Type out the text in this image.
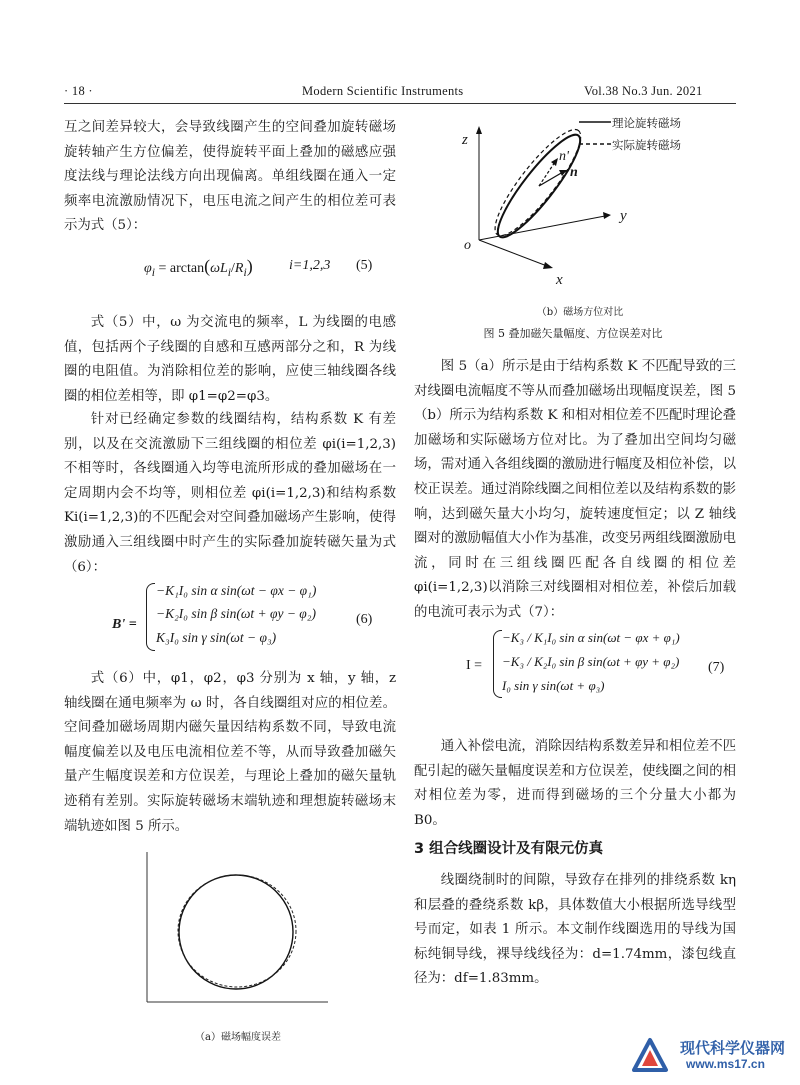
· 18 ·	Modern Scientific Instruments	Vol.38 No.3 Jun. 2021

互之间差异较大，会导致线圈产生的空间叠加旋转磁场旋转轴产生方位偏差，使得旋转平面上叠加的磁感应强度法线与理论法线方向出现偏离。单组线圈在通入一定频率电流激励情况下，电压电流之间产生的相位差可表示为式（5）：

$\varphi_i = \arctan(\omega L_i/R_i)$	i=1,2,3 (5)

式（5）中，ω 为交流电的频率，L 为线圈的电感值，包括两个子线圈的自感和互感两部分之和，R 为线圈的电阻值。为消除相位差的影响，应使三轴线圈各线圈的相位差相等，即 φ1=φ2=φ3。

针对已经确定参数的线圈结构，结构系数 K 有差别，以及在交流激励下三组线圈的相位差 φi(i=1,2,3) 不相等时，各线圈通入均等电流所形成的叠加磁场在一定周期内会不均等，则相位差 φi(i=1,2,3)和结构系数 Ki(i=1,2,3)的不匹配会对空间叠加磁场产生影响，使得激励通入三组线圈中时产生的实际叠加旋转磁矢量为式（6）：

B' =
−K₁I₀ sin α sin(ωt − φx − φ₁)
−K₂I₀ sin β sin(ωt + φy − φ₂)
K₃I₀ sin γ sin(ωt − φ₃)
(6)

式（6）中，φ1，φ2，φ3 分别为 x 轴，y 轴，z 轴线圈在通电频率为 ω 时，各自线圈组对应的相位差。空间叠加磁场周期内磁矢量因结构系数不同，导致电流幅度偏差以及电压电流相位差不等，从而导致叠加磁矢量产生幅度误差和方位误差，与理论上叠加的磁矢量轨迹稍有差别。实际旋转磁场末端轨迹和理想旋转磁场末端轨迹如图 5 所示。

（a）磁场幅度误差
理论旋转磁场
实际旋转磁场
z
y
x
o
n
n'
（b）磁场方位对比
图 5 叠加磁矢量幅度、方位误差对比

图 5（a）所示是由于结构系数 K 不匹配导致的三对线圈电流幅度不等从而叠加磁场出现幅度误差，图 5（b）所示为结构系数 K 和相对相位差不匹配时理论叠加磁场和实际磁场方位对比。为了叠加出空间均匀磁场，需对通入各组线圈的激励进行幅度及相位补偿，以校正误差。通过消除线圈之间相位差以及结构系数的影响，达到磁矢量大小均匀，旋转速度恒定；以 Z 轴线圈对的激励幅值大小作为基准，改变另两组线圈激励电流，同时在三组线圈匹配各自线圈的相位差 φi(i=1,2,3)以消除三对线圈相对相位差，补偿后加载的电流可表示为式（7）：

I =
−K₃ / K₁I₀ sin α sin(ωt − φx + φ₁)
−K₃ / K₂I₀ sin β sin(ωt + φy + φ₂)
I₀ sin γ sin(ωt + φ₃)
(7)

通入补偿电流，消除因结构系数差异和相位差不匹配引起的磁矢量幅度误差和方位误差，使线圈之间的相对相位差为零，进而得到磁场的三个分量大小都为 B0。

3 组合线圈设计及有限元仿真

线圈绕制时的间隙，导致存在排列的排绕系数 kη 和层叠的叠绕系数 kβ，具体数值大小根据所选导线型号而定，如表 1 所示。本文制作线圈选用的导线为国标纯铜导线，裸导线线径为：d=1.74mm，漆包线直径为：df=1.83mm。

现代科学仪器网
www.ms17.cn
